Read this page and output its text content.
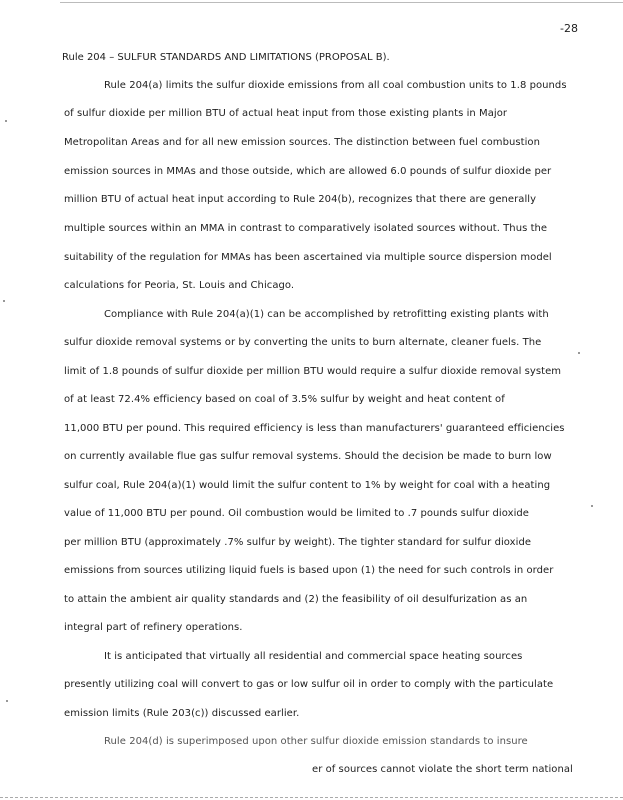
-28
Rule 204 – SULFUR STANDARDS AND LIMITATIONS (PROPOSAL B).
Rule 204(a) limits the sulfur dioxide emissions from all coal combustion units to 1.8 pounds
of sulfur dioxide per million BTU of actual heat input from those existing plants in Major
Metropolitan Areas and for all new emission sources. The distinction between fuel combustion
emission sources in MMAs and those outside, which are allowed 6.0 pounds of sulfur dioxide per
million BTU of actual heat input according to Rule 204(b), recognizes that there are generally
multiple sources within an MMA in contrast to comparatively isolated sources without. Thus the
suitability of the regulation for MMAs has been ascertained via multiple source dispersion model
calculations for Peoria, St. Louis and Chicago.
Compliance with Rule 204(a)(1) can be accomplished by retrofitting existing plants with
sulfur dioxide removal systems or by converting the units to burn alternate, cleaner fuels. The
limit of 1.8 pounds of sulfur dioxide per million BTU would require a sulfur dioxide removal system
of at least 72.4% efficiency based on coal of 3.5% sulfur by weight and heat content of
11,000 BTU per pound. This required efficiency is less than manufacturers' guaranteed efficiencies
on currently available flue gas sulfur removal systems. Should the decision be made to burn low
sulfur coal, Rule 204(a)(1) would limit the sulfur content to 1% by weight for coal with a heating
value of 11,000 BTU per pound. Oil combustion would be limited to .7 pounds sulfur dioxide
per million BTU (approximately .7% sulfur by weight). The tighter standard for sulfur dioxide
emissions from sources utilizing liquid fuels is based upon (1) the need for such controls in order
to attain the ambient air quality standards and (2) the feasibility of oil desulfurization as an
integral part of refinery operations.
It is anticipated that virtually all residential and commercial space heating sources
presently utilizing coal will convert to gas or low sulfur oil in order to comply with the particulate
emission limits (Rule 203(c)) discussed earlier.
Rule 204(d) is superimposed upon other sulfur dioxide emission standards to insure
er of sources cannot violate the short term national
